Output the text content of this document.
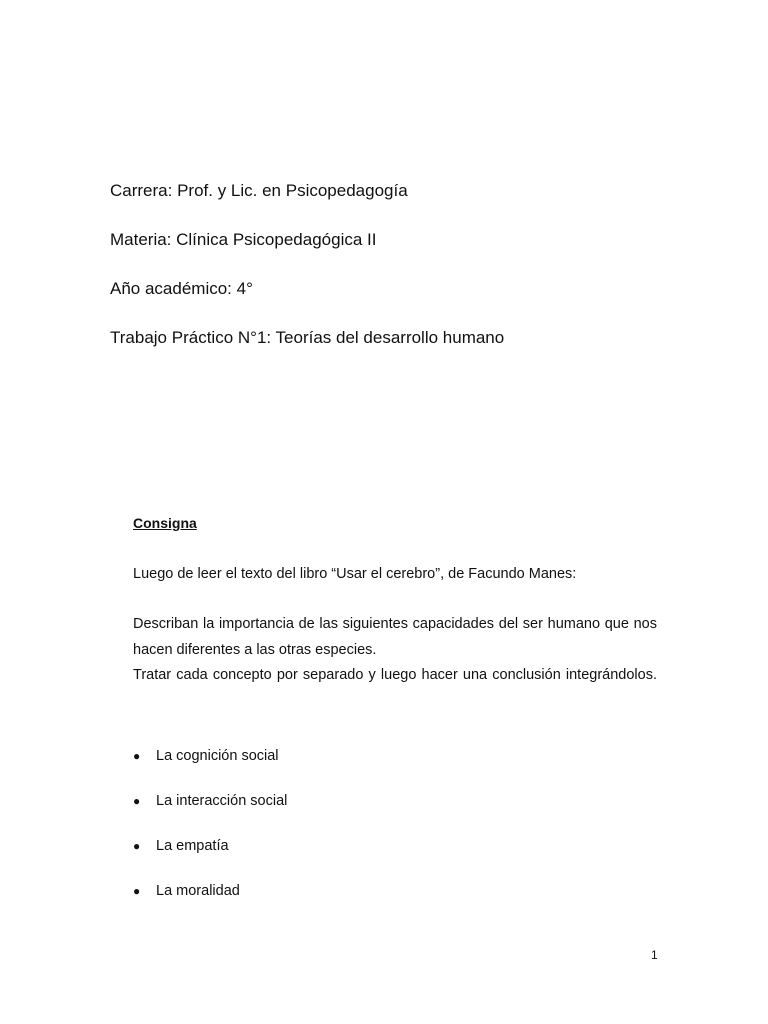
Carrera: Prof. y Lic. en Psicopedagogía
Materia: Clínica Psicopedagógica II
Año académico: 4°
Trabajo Práctico N°1: Teorías del desarrollo humano
Consigna
Luego de leer el texto del libro “Usar el cerebro”, de Facundo Manes:

Describan la importancia de las siguientes capacidades del ser humano que nos hacen diferentes a las otras especies.

Tratar cada concepto por separado y luego hacer una conclusión integrándolos.

● La cognición social
● La interacción social
● La empatía
● La moralidad
1
